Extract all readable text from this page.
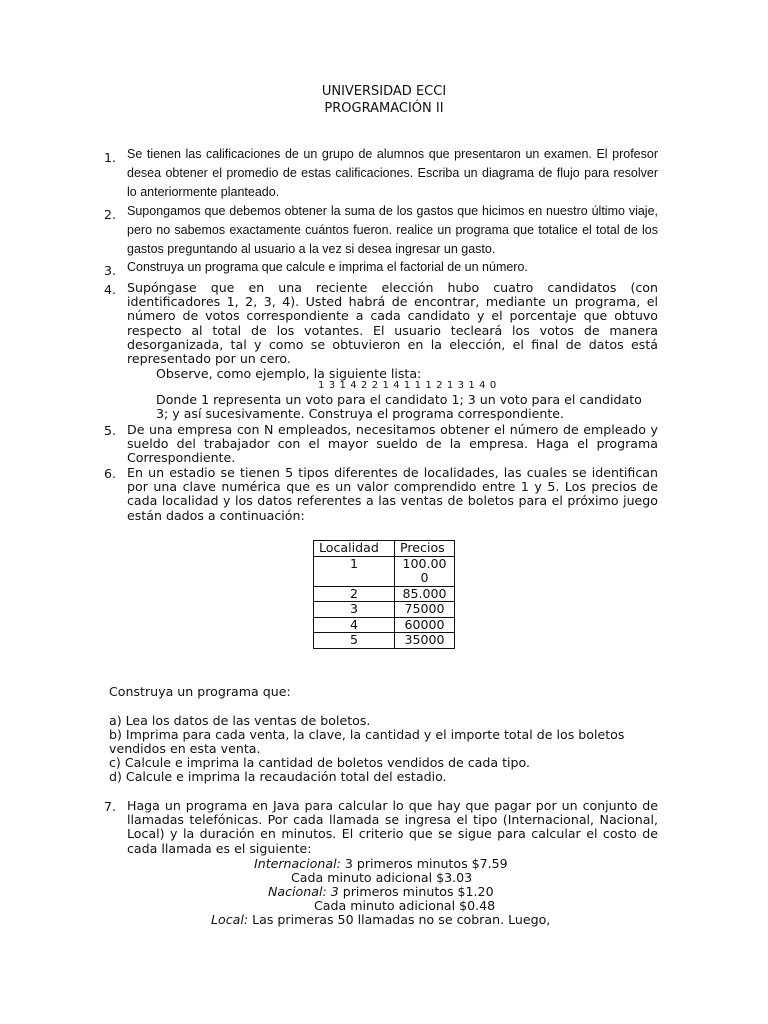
UNIVERSIDAD ECCI
PROGRAMACIÓN II
1. Se tienen las calificaciones de un grupo de alumnos que presentaron un examen. El profesor desea obtener el promedio de estas calificaciones. Escriba un diagrama de flujo para resolver lo anteriormente planteado.
2. Supongamos que debemos obtener la suma de los gastos que hicimos en nuestro último viaje, pero no sabemos exactamente cuántos fueron. realice un programa que totalice el total de los gastos preguntando al usuario a la vez si desea ingresar un gasto.
3. Construya un programa que calcule e imprima el factorial de un número.
4. Supóngase que en una reciente elección hubo cuatro candidatos (con identificadores 1, 2, 3, 4). Usted habrá de encontrar, mediante un programa, el número de votos correspondiente a cada candidato y el porcentaje que obtuvo respecto al total de los votantes. El usuario tecleará los votos de manera desorganizada, tal y como se obtuvieron en la elección, el final de datos está representado por un cero.
Observe, como ejemplo, la siguiente lista:
1 3 1 4 2 2 1 4 1 1 1 2 1 3 1 4 0
Donde 1 representa un voto para el candidato 1; 3 un voto para el candidato
3; y así sucesivamente. Construya el programa correspondiente.
5. De una empresa con N empleados, necesitamos obtener el número de empleado y sueldo del trabajador con el mayor sueldo de la empresa. Haga el programa Correspondiente.
6. En un estadio se tienen 5 tipos diferentes de localidades, las cuales se identifican por una clave numérica que es un valor comprendido entre 1 y 5. Los precios de cada localidad y los datos referentes a las ventas de boletos para el próximo juego están dados a continuación:
Localidad	Precios
1	100.000
2	85.000
3	75000
4	60000
5	35000
Construya un programa que:
a) Lea los datos de las ventas de boletos.
b) Imprima para cada venta, la clave, la cantidad y el importe total de los boletos
vendidos en esta venta.
c) Calcule e imprima la cantidad de boletos vendidos de cada tipo.
d) Calcule e imprima la recaudación total del estadio.
7. Haga un programa en Java para calcular lo que hay que pagar por un conjunto de llamadas telefónicas. Por cada llamada se ingresa el tipo (Internacional, Nacional, Local) y la duración en minutos. El criterio que se sigue para calcular el costo de cada llamada es el siguiente:
Internacional: 3 primeros minutos $7.59
Cada minuto adicional $3.03
Nacional: 3 primeros minutos $1.20
Cada minuto adicional $0.48
Local: Las primeras 50 llamadas no se cobran. Luego,
